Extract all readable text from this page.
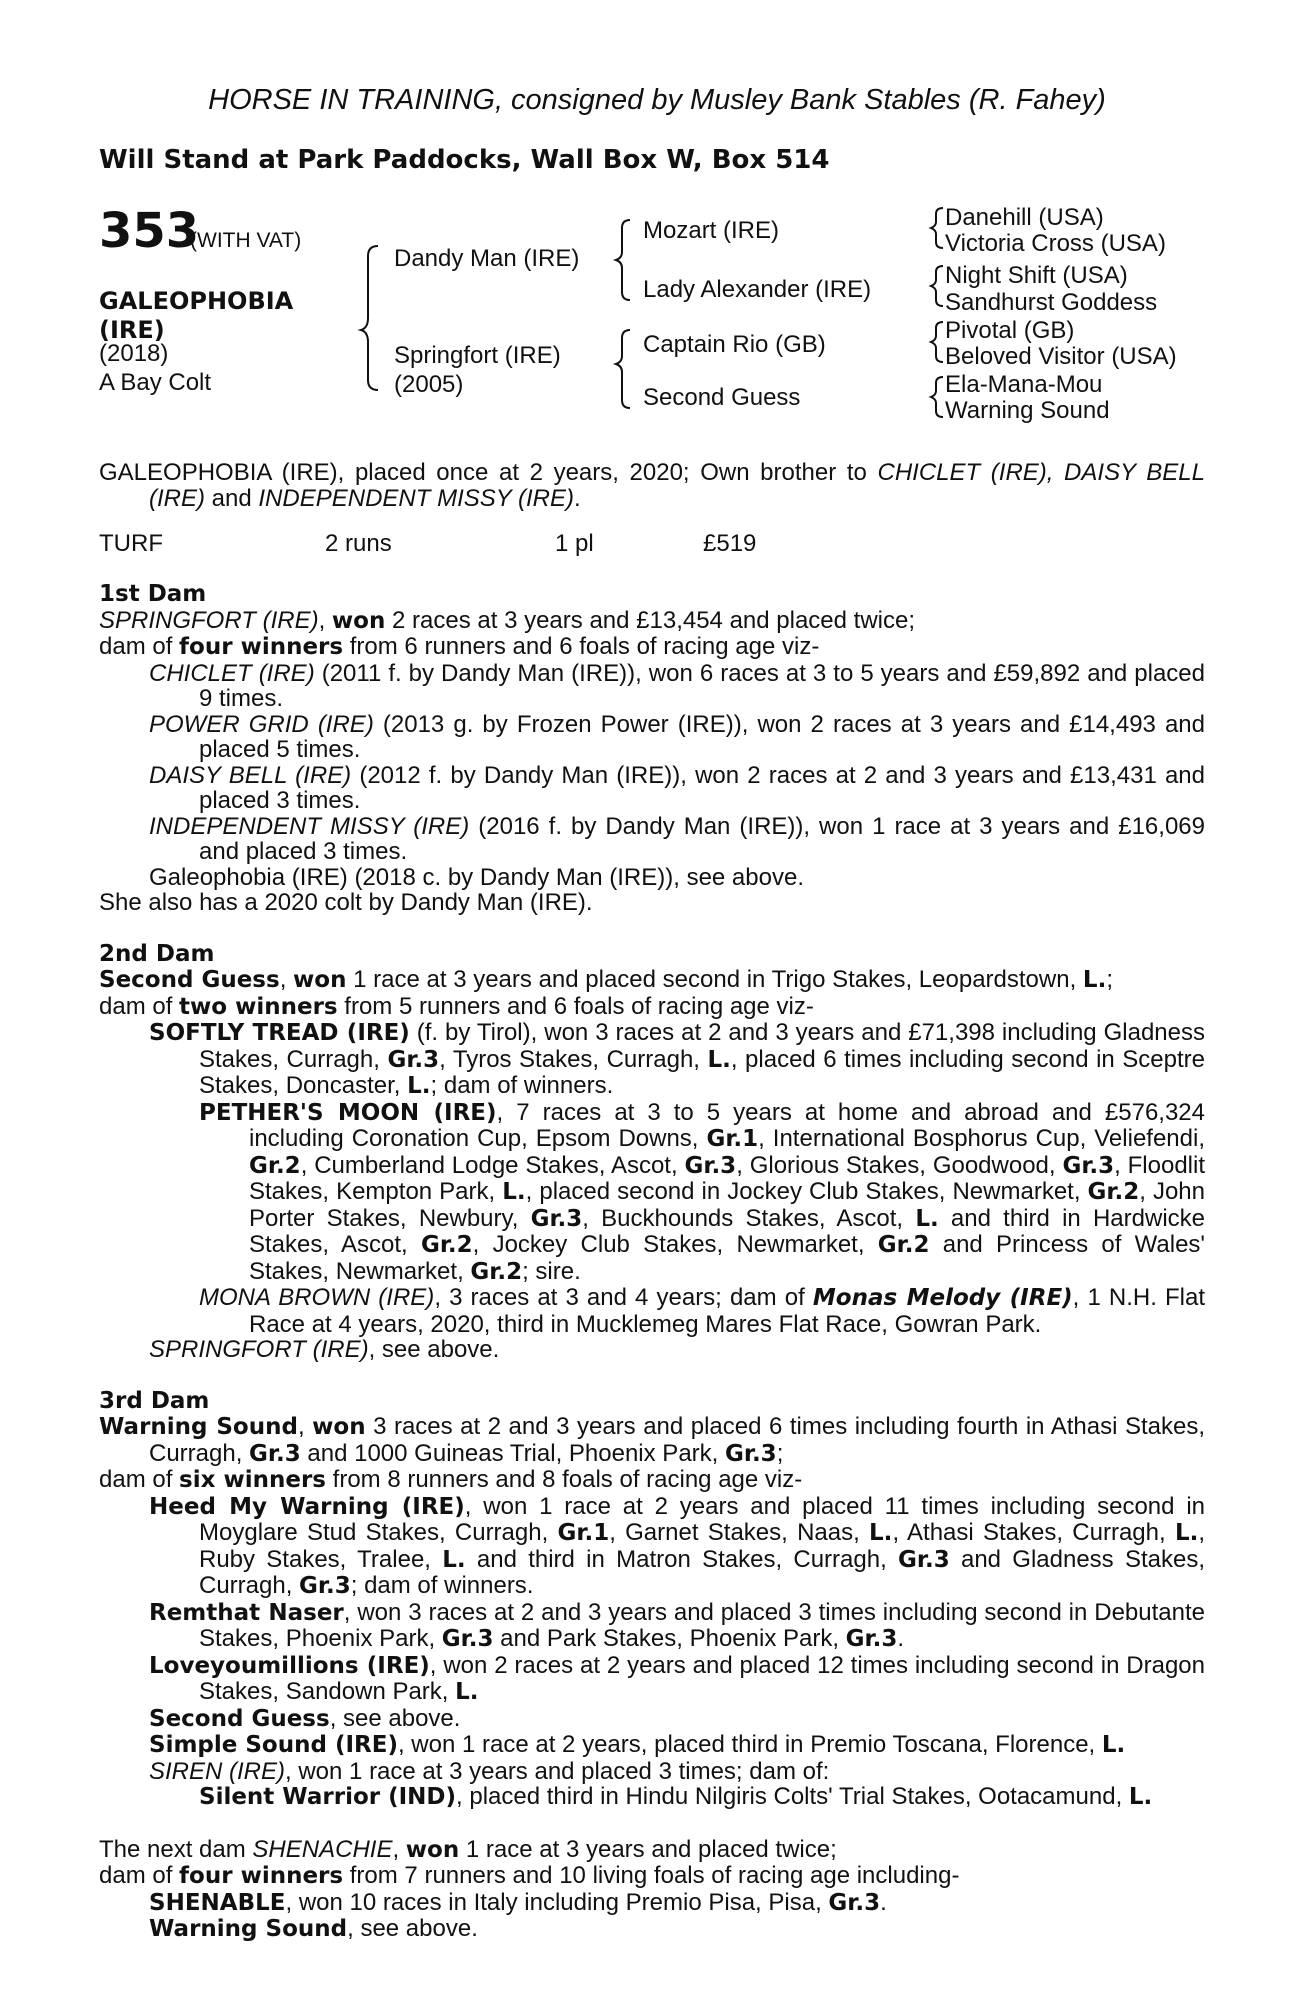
HORSE IN TRAINING, consigned by Musley Bank Stables (R. Fahey)
Will Stand at Park Paddocks, Wall Box W, Box 514
353
(WITH VAT)
GALEOPHOBIA
(IRE)
(2018)
A Bay Colt
Dandy Man (IRE)
Springfort (IRE)
(2005)
Mozart (IRE)
Lady Alexander (IRE)
Captain Rio (GB)
Second Guess
Danehill (USA)
Victoria Cross (USA)
Night Shift (USA)
Sandhurst Goddess
Pivotal (GB)
Beloved Visitor (USA)
Ela-Mana-Mou
Warning Sound

GALEOPHOBIA (IRE), placed once at 2 years, 2020; Own brother to CHICLET (IRE), DAISY BELL (IRE) and INDEPENDENT MISSY (IRE).

TURF	2 runs	1 pl	£519

1st Dam

SPRINGFORT (IRE), won 2 races at 3 years and £13,454 and placed twice;

dam of four winners from 6 runners and 6 foals of racing age viz-

CHICLET (IRE) (2011 f. by Dandy Man (IRE)), won 6 races at 3 to 5 years and £59,892 and placed 9 times.

POWER GRID (IRE) (2013 g. by Frozen Power (IRE)), won 2 races at 3 years and £14,493 and placed 5 times.

DAISY BELL (IRE) (2012 f. by Dandy Man (IRE)), won 2 races at 2 and 3 years and £13,431 and placed 3 times.

INDEPENDENT MISSY (IRE) (2016 f. by Dandy Man (IRE)), won 1 race at 3 years and £16,069 and placed 3 times.

Galeophobia (IRE) (2018 c. by Dandy Man (IRE)), see above.

She also has a 2020 colt by Dandy Man (IRE).

2nd Dam

Second Guess, won 1 race at 3 years and placed second in Trigo Stakes, Leopardstown, L.;

dam of two winners from 5 runners and 6 foals of racing age viz-

SOFTLY TREAD (IRE) (f. by Tirol), won 3 races at 2 and 3 years and £71,398 including Gladness Stakes, Curragh, Gr.3, Tyros Stakes, Curragh, L., placed 6 times including second in Sceptre Stakes, Doncaster, L.; dam of winners.

PETHER'S MOON (IRE), 7 races at 3 to 5 years at home and abroad and £576,324 including Coronation Cup, Epsom Downs, Gr.1, International Bosphorus Cup, Veliefendi, Gr.2, Cumberland Lodge Stakes, Ascot, Gr.3, Glorious Stakes, Goodwood, Gr.3, Floodlit Stakes, Kempton Park, L., placed second in Jockey Club Stakes, Newmarket, Gr.2, John Porter Stakes, Newbury, Gr.3, Buckhounds Stakes, Ascot, L. and third in Hardwicke Stakes, Ascot, Gr.2, Jockey Club Stakes, Newmarket, Gr.2 and Princess of Wales' Stakes, Newmarket, Gr.2; sire.

MONA BROWN (IRE), 3 races at 3 and 4 years; dam of Monas Melody (IRE), 1 N.H. Flat Race at 4 years, 2020, third in Mucklemeg Mares Flat Race, Gowran Park.

SPRINGFORT (IRE), see above.

3rd Dam

Warning Sound, won 3 races at 2 and 3 years and placed 6 times including fourth in Athasi Stakes, Curragh, Gr.3 and 1000 Guineas Trial, Phoenix Park, Gr.3;

dam of six winners from 8 runners and 8 foals of racing age viz-

Heed My Warning (IRE), won 1 race at 2 years and placed 11 times including second in Moyglare Stud Stakes, Curragh, Gr.1, Garnet Stakes, Naas, L., Athasi Stakes, Curragh, L., Ruby Stakes, Tralee, L. and third in Matron Stakes, Curragh, Gr.3 and Gladness Stakes, Curragh, Gr.3; dam of winners.

Remthat Naser, won 3 races at 2 and 3 years and placed 3 times including second in Debutante Stakes, Phoenix Park, Gr.3 and Park Stakes, Phoenix Park, Gr.3.

Loveyoumillions (IRE), won 2 races at 2 years and placed 12 times including second in Dragon Stakes, Sandown Park, L.

Second Guess, see above.

Simple Sound (IRE), won 1 race at 2 years, placed third in Premio Toscana, Florence, L.

SIREN (IRE), won 1 race at 3 years and placed 3 times; dam of:

Silent Warrior (IND), placed third in Hindu Nilgiris Colts' Trial Stakes, Ootacamund, L.

The next dam SHENACHIE, won 1 race at 3 years and placed twice;

dam of four winners from 7 runners and 10 living foals of racing age including-

SHENABLE, won 10 races in Italy including Premio Pisa, Pisa, Gr.3.

Warning Sound, see above.
